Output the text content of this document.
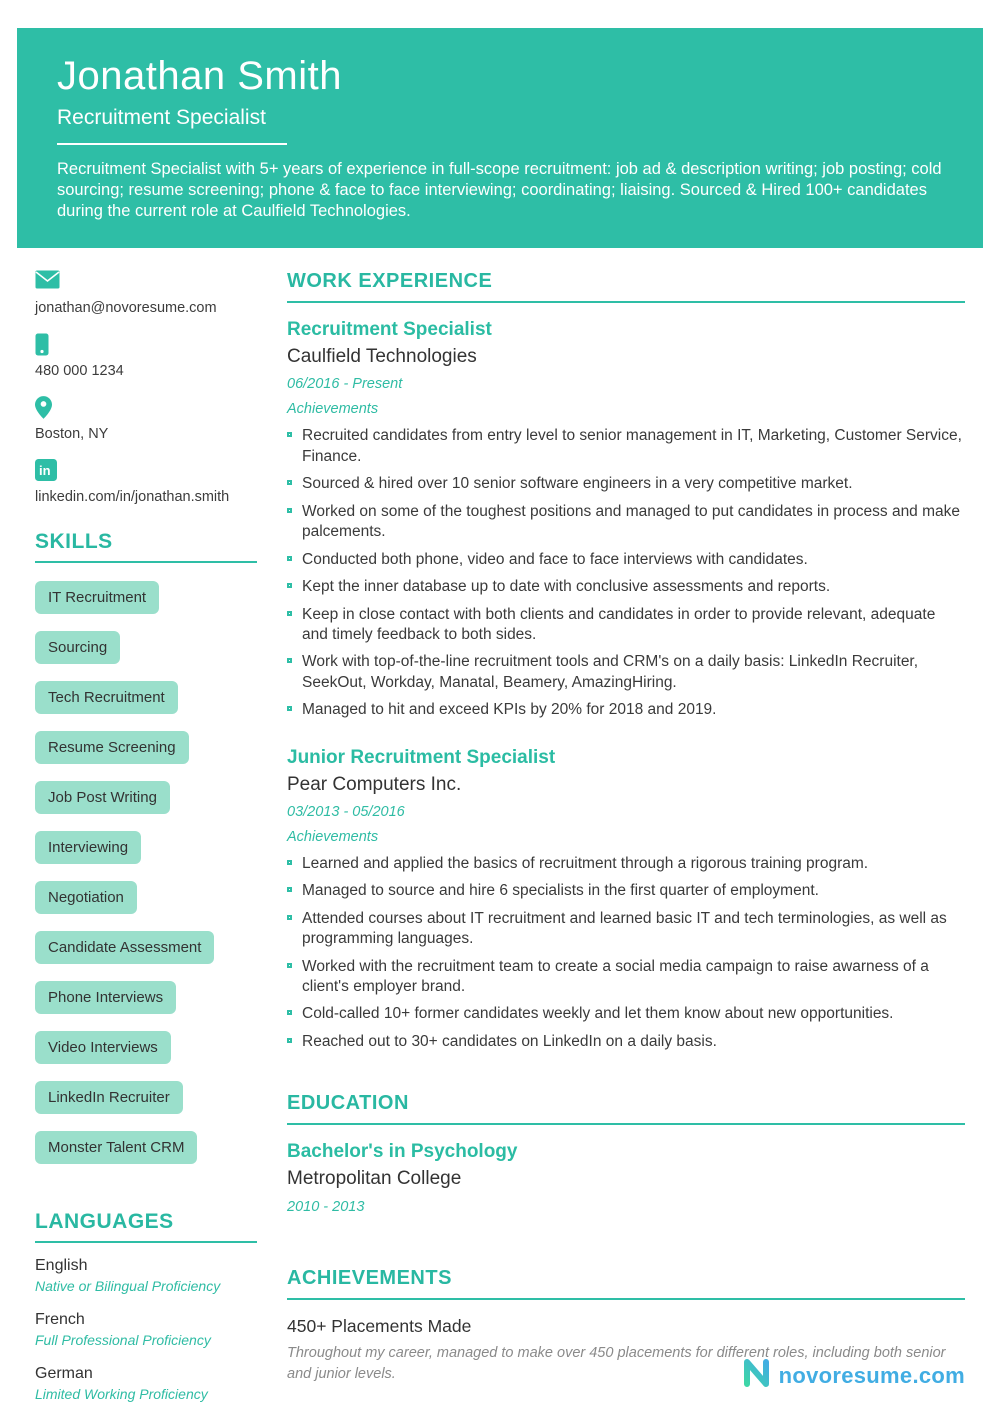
Jonathan Smith
Recruitment Specialist

Recruitment Specialist with 5+ years of experience in full-scope recruitment: job ad & description writing; job posting; cold sourcing; resume screening; phone & face to face interviewing; coordinating; liaising. Sourced & Hired 100+ candidates during the current role at Caulfield Technologies.

jonathan@novoresume.com
480 000 1234
Boston, NY
in
linkedin.com/in/jonathan.smith
SKILLS
IT Recruitment
Sourcing
Tech Recruitment
Resume Screening
Job Post Writing
Interviewing
Negotiation
Candidate Assessment
Phone Interviews
Video Interviews
LinkedIn Recruiter
Monster Talent CRM
LANGUAGES
English
Native or Bilingual Proficiency
French
Full Professional Proficiency
German
Limited Working Proficiency
WORK EXPERIENCE
Recruitment Specialist
Caulfield Technologies
06/2016 - Present
Achievements
Recruited candidates from entry level to senior management in IT, Marketing, Customer Service, Finance.
Sourced & hired over 10 senior software engineers in a very competitive market.
Worked on some of the toughest positions and managed to put candidates in process and make palcements.
Conducted both phone, video and face to face interviews with candidates.
Kept the inner database up to date with conclusive assessments and reports.
Keep in close contact with both clients and candidates in order to provide relevant, adequate and timely feedback to both sides.
Work with top-of-the-line recruitment tools and CRM's on a daily basis: LinkedIn Recruiter, SeekOut, Workday, Manatal, Beamery, AmazingHiring.
Managed to hit and exceed KPIs by 20% for 2018 and 2019.
Junior Recruitment Specialist
Pear Computers Inc.
03/2013 - 05/2016
Achievements
Learned and applied the basics of recruitment through a rigorous training program.
Managed to source and hire 6 specialists in the first quarter of employment.
Attended courses about IT recruitment and learned basic IT and tech terminologies, as well as programming languages.
Worked with the recruitment team to create a social media campaign to raise awarness of a client's employer brand.
Cold-called 10+ former candidates weekly and let them know about new opportunities.
Reached out to 30+ candidates on LinkedIn on a daily basis.
EDUCATION
Bachelor's in Psychology
Metropolitan College
2010 - 2013
ACHIEVEMENTS
450+ Placements Made
Throughout my career, managed to make over 450 placements for different roles, including both senior and junior levels.	novoresume.com
